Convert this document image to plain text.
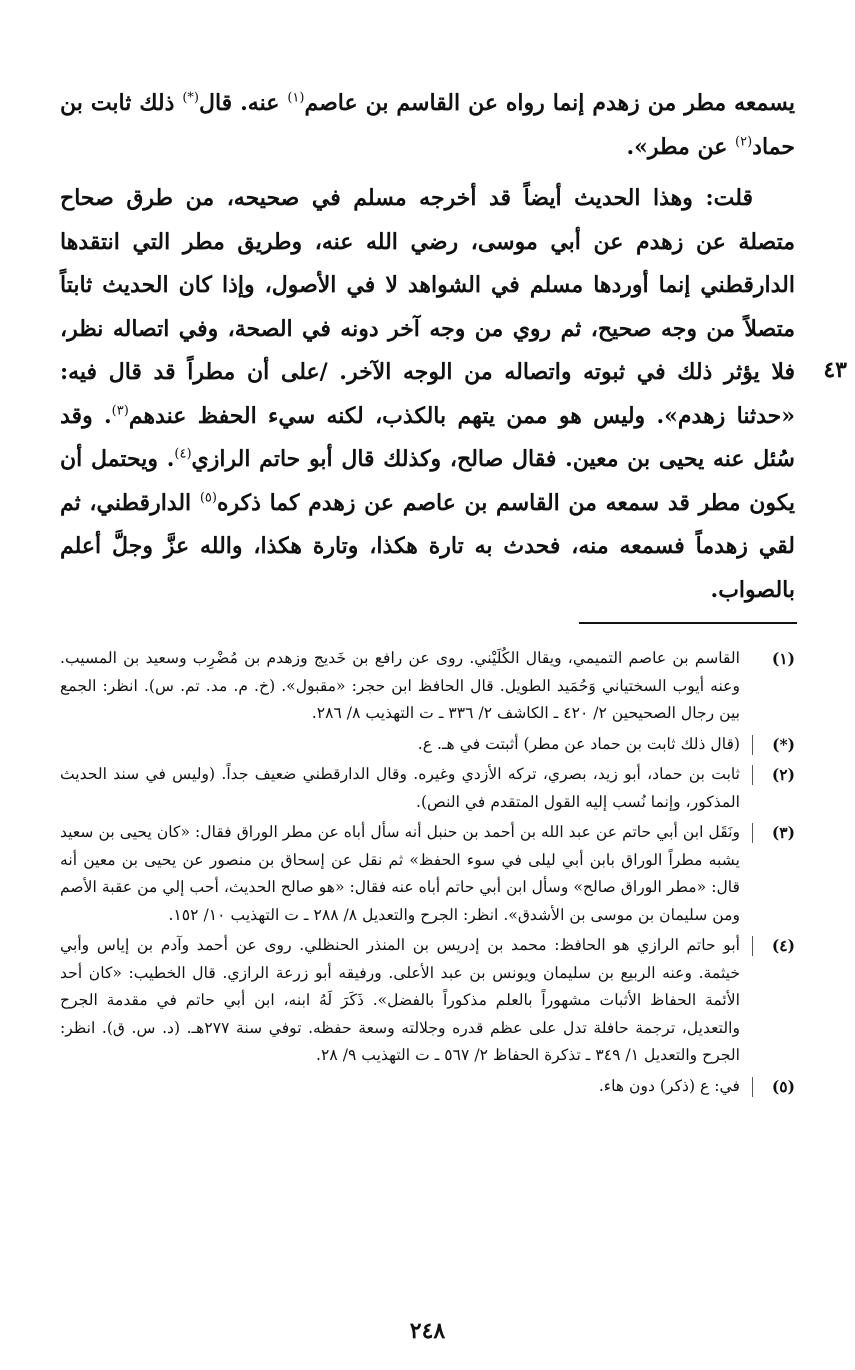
يسمعه مطر من زهدم إنما رواه عن القاسم بن عاصم$^{(١)}$ عنه. قال(*) ذلك ثابت بن حماد$^{(٢)}$ عن مطر».

قلت: وهذا الحديث أيضاً قد أخرجه مسلم في صحيحه، من طرق صحاح متصلة عن زهدم عن أبي موسى، رضي الله عنه، وطريق مطر التي انتقدها الدارقطني إنما أوردها مسلم في الشواهد لا في الأصول، وإذا كان الحديث ثابتاً متصلاً من وجه صحيح، ثم روي من وجه آخر دونه في الصحة، وفي اتصاله نظر، فلا يؤثر ذلك في ثبوته واتصاله من الوجه الآخر. /على أن مطراً قد قال فيه: «حدثنا زهدم». وليس هو ممن يتهم بالكذب، لكنه سيء الحفظ عندهم$^{(٣)}$. وقد سُئل عنه يحيى بن معين. فقال صالح، وكذلك قال أبو حاتم الرازي$^{(٤)}$. ويحتمل أن يكون مطر قد سمعه من القاسم بن عاصم عن زهدم كما ذكره$^{(٥)}$ الدارقطني، ثم لقي زهدماً فسمعه منه، فحدث به تارة هكذا، وتارة هكذا، والله عزَّ وجلَّ أعلم بالصواب.

٤٣
(١)
القاسم بن عاصم التميمي، ويقال الكُلَيْني. روى عن رافع بن خَديج وزهدم بن مُضْرِب وسعيد بن المسيب. وعنه أيوب السختياني وَحُمَيد الطويل. قال الحافظ ابن حجر: «مقبول». (خ. م. مد. تم. س). انظر: الجمع بين رجال الصحيحين ٢/ ٤٢٠ ـ الكاشف ٢/ ٣٣٦ ـ ت التهذيب ٨/ ٢٨٦.
(*)
(قال ذلك ثابت بن حماد عن مطر) أثبتت في هـ. ع.
(٢)
ثابت بن حماد، أبو زيد، بصري، تركه الأزدي وغيره. وقال الدارقطني ضعيف جداً. (وليس في سند الحديث المذكور، وإنما نُسب إليه القول المتقدم في النص).
(٣)
ونَقَل ابن أبي حاتم عن عبد الله بن أحمد بن حنبل أنه سأل أباه عن مطر الوراق فقال: «كان يحيى بن سعيد يشبه مطراً الوراق بابن أبي ليلى في سوء الحفظ» ثم نقل عن إسحاق بن منصور عن يحيى بن معين أنه قال: «مطر الوراق صالح» وسأل ابن أبي حاتم أباه عنه فقال: «هو صالح الحديث، أحب إلي من عقبة الأصم ومن سليمان بن موسى بن الأشدق». انظر: الجرح والتعديل ٨/ ٢٨٨ ـ ت التهذيب ١٠/ ١٥٢.
(٤)
أبو حاتم الرازي هو الحافظ: محمد بن إدريس بن المنذر الحنظلي. روى عن أحمد وآدم بن إياس وأبي خيثمة. وعنه الربيع بن سليمان ويونس بن عبد الأعلى. ورفيقه أبو زرعة الرازي. قال الخطيب: «كان أحد الأئمة الحفاظ الأثبات مشهوراً بالعلم مذكوراً بالفضل». ذَكَرَ لَهُ ابنه، ابن أبي حاتم في مقدمة الجرح والتعديل، ترجمة حافلة تدل على عظم قدره وجلالته وسعة حفظه. توفي سنة ٢٧٧هـ. (د. س. ق). انظر: الجرح والتعديل ١/ ٣٤٩ ـ تذكرة الحفاظ ٢/ ٥٦٧ ـ ت التهذيب ٩/ ٢٨.
(٥)
في: ع (ذكر) دون هاء.
٢٤٨
